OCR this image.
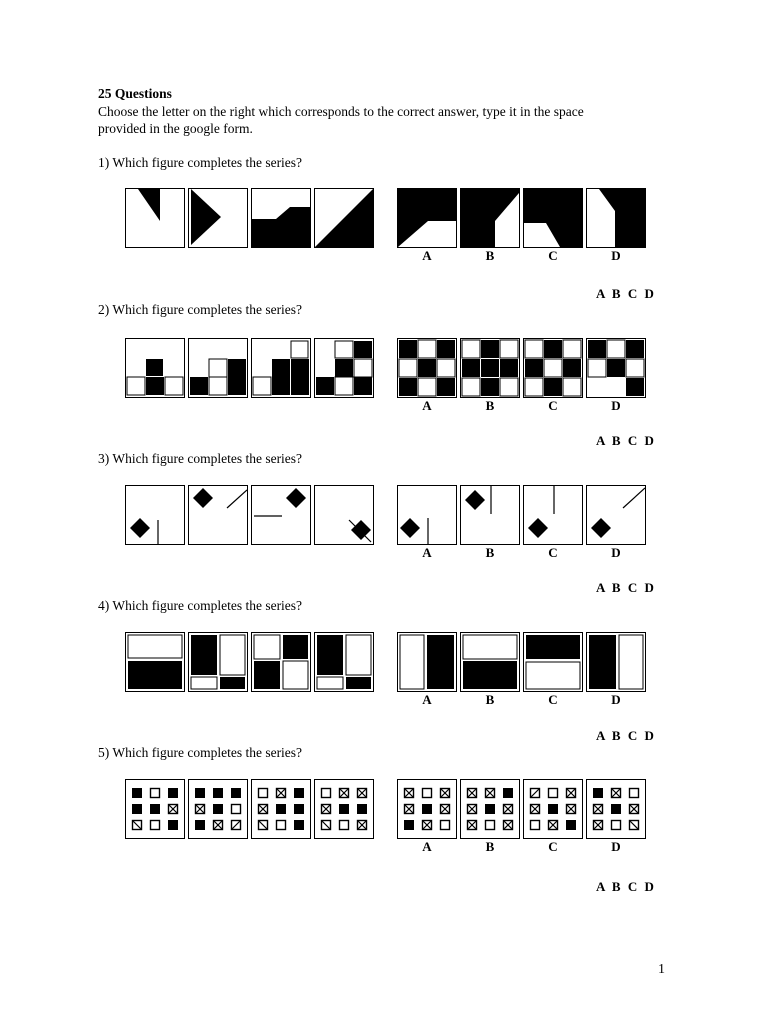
25 Questions
Choose the letter on the right which corresponds to the correct answer, type it in the space
provided in the google form.
1) Which figure completes the series?
A	B	C	D
A B C D
2) Which figure completes the series?
A	B	C	D
A B C D
3) Which figure completes the series?
A	B	C	D
A B C D
4) Which figure completes the series?
A	B	C	D
A B C D
5) Which figure completes the series?
A	B	C	D
A B C D
1
